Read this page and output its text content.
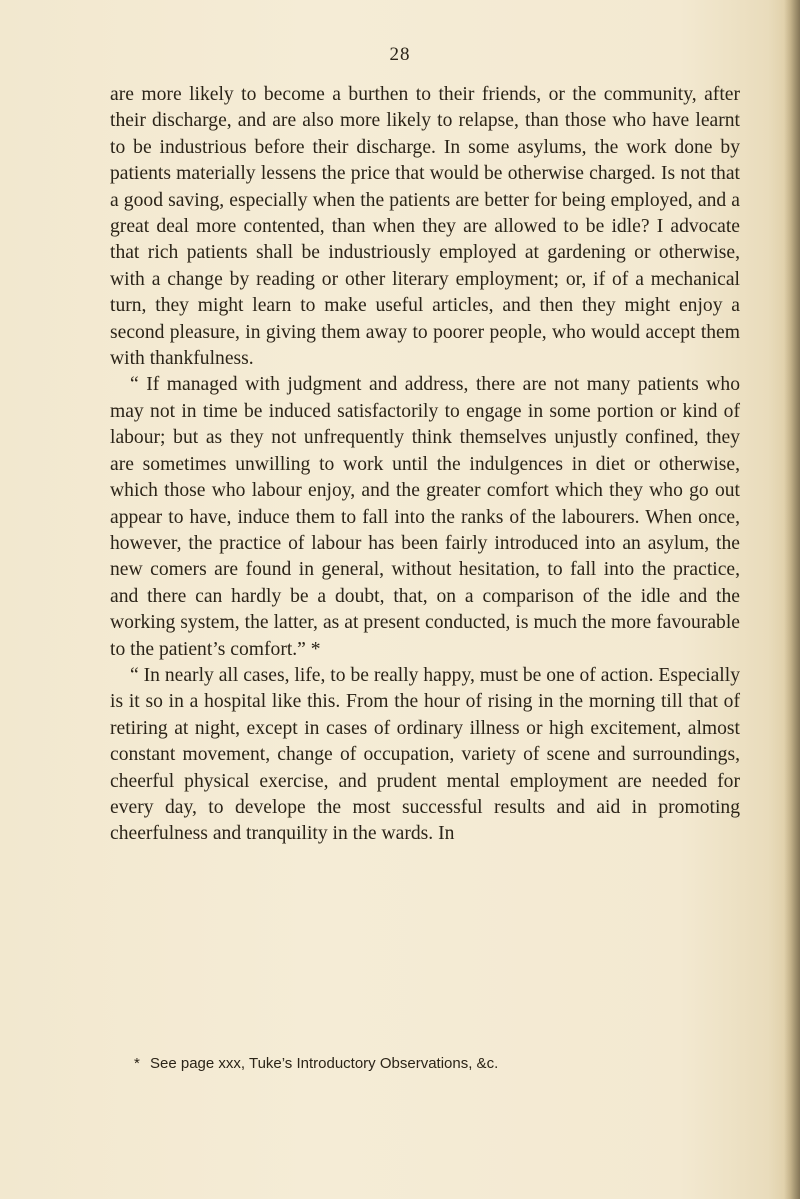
28

are more likely to become a burthen to their friends, or the community, after their discharge, and are also more likely to relapse, than those who have learnt to be industrious before their discharge. In some asylums, the work done by patients materially lessens the price that would be otherwise charged. Is not that a good saving, especially when the patients are better for being employed, and a great deal more contented, than when they are allowed to be idle? I advocate that rich patients shall be industriously employed at gardening or otherwise, with a change by reading or other literary employment; or, if of a mechanical turn, they might learn to make useful articles, and then they might enjoy a second pleasure, in giving them away to poorer people, who would accept them with thankfulness.

“ If managed with judgment and address, there are not many patients who may not in time be induced satisfactorily to engage in some portion or kind of labour; but as they not unfrequently think themselves unjustly confined, they are sometimes unwilling to work until the indulgences in diet or otherwise, which those who labour enjoy, and the greater comfort which they who go out appear to have, induce them to fall into the ranks of the labourers. When once, however, the practice of labour has been fairly introduced into an asylum, the new comers are found in general, without hesitation, to fall into the practice, and there can hardly be a doubt, that, on a comparison of the idle and the working system, the latter, as at present conducted, is much the more favourable to the patient’s comfort.” *

“ In nearly all cases, life, to be really happy, must be one of action. Especially is it so in a hospital like this. From the hour of rising in the morning till that of retiring at night, except in cases of ordinary illness or high excitement, almost constant movement, change of occupation, variety of scene and surroundings, cheerful physical exercise, and prudent mental employment are needed for every day, to develope the most successful results and aid in promoting cheerfulness and tranquility in the wards. In

* See page xxx, Tuke’s Introductory Observations, &c.
